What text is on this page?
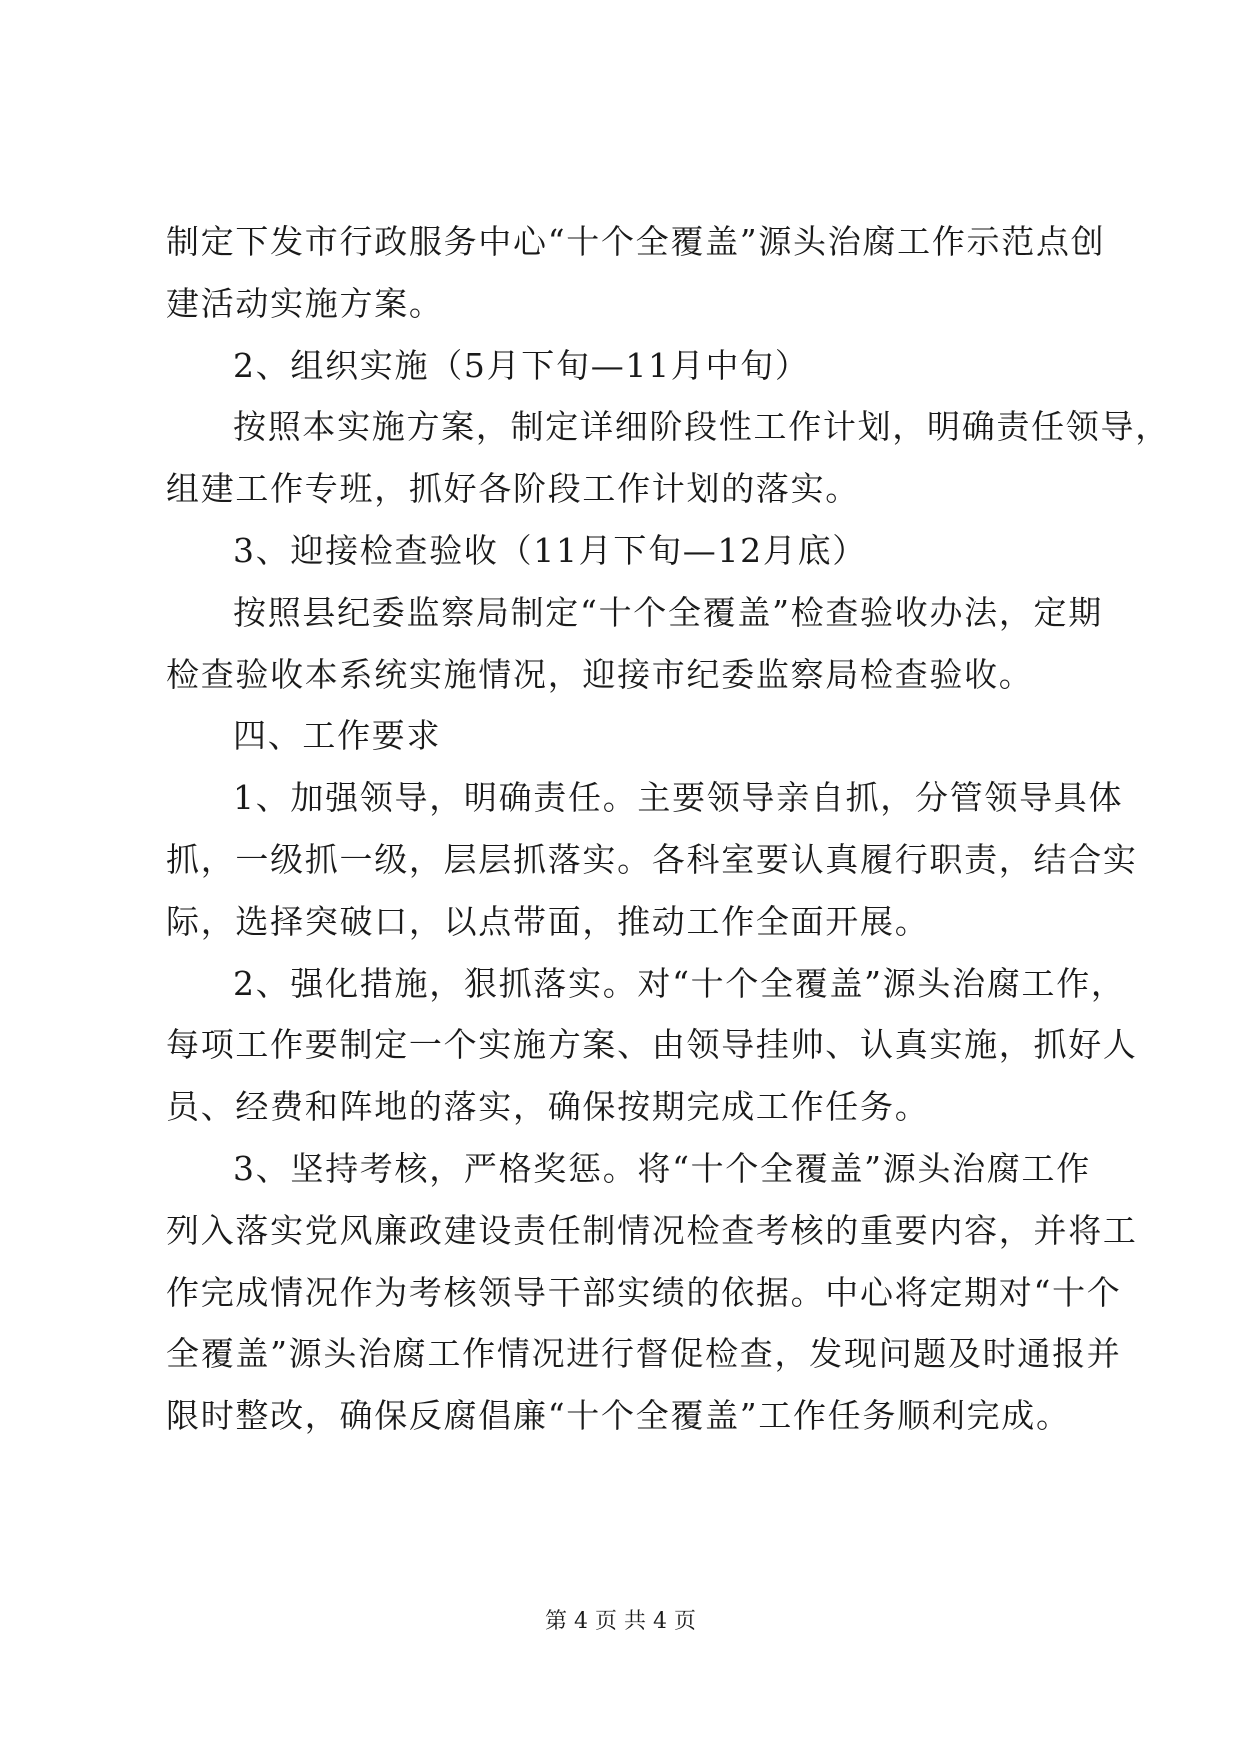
制定下发市行政服务中心“十个全覆盖”源头治腐工作示范点创
建活动实施方案。
2、组织实施（5月下旬—11月中旬）
按照本实施方案，制定详细阶段性工作计划，明确责任领导，
组建工作专班，抓好各阶段工作计划的落实。
3、迎接检查验收（11月下旬—12月底）
按照县纪委监察局制定“十个全覆盖”检查验收办法，定期
检查验收本系统实施情况，迎接市纪委监察局检查验收。
四、工作要求
1、加强领导，明确责任。主要领导亲自抓，分管领导具体
抓，一级抓一级，层层抓落实。各科室要认真履行职责，结合实
际，选择突破口，以点带面，推动工作全面开展。
2、强化措施，狠抓落实。对“十个全覆盖”源头治腐工作，
每项工作要制定一个实施方案、由领导挂帅、认真实施，抓好人
员、经费和阵地的落实，确保按期完成工作任务。
3、坚持考核，严格奖惩。将“十个全覆盖”源头治腐工作
列入落实党风廉政建设责任制情况检查考核的重要内容，并将工
作完成情况作为考核领导干部实绩的依据。中心将定期对“十个
全覆盖”源头治腐工作情况进行督促检查，发现问题及时通报并
限时整改，确保反腐倡廉“十个全覆盖”工作任务顺利完成。
第 4 页 共 4 页
